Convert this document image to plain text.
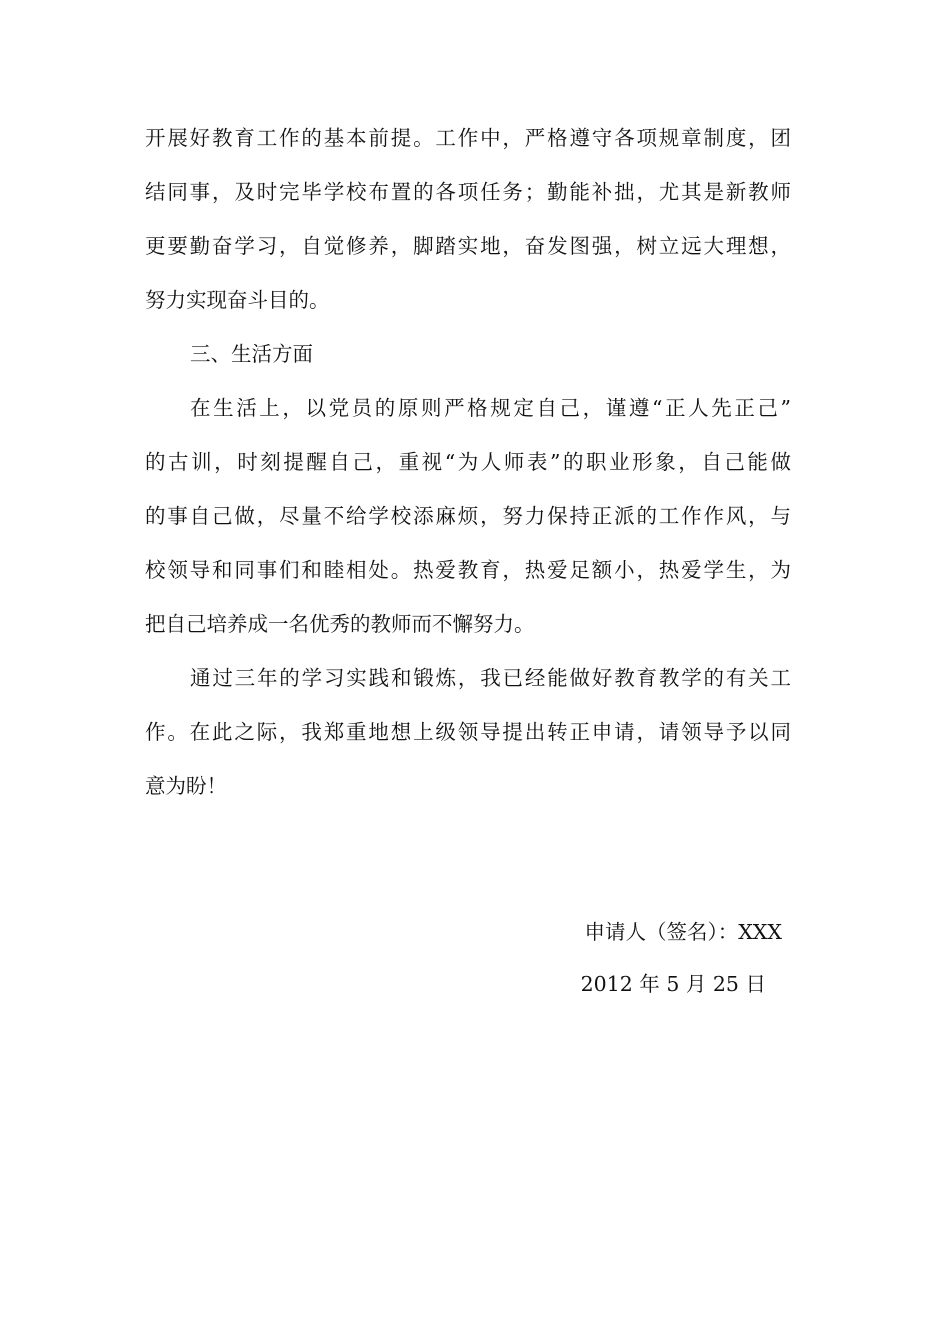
开展好教育工作的基本前提。工作中，严格遵守各项规章制度，团
结同事，及时完毕学校布置的各项任务；勤能补拙，尤其是新教师
更要勤奋学习，自觉修养，脚踏实地，奋发图强，树立远大理想，
努力实现奋斗目的。
三、生活方面
在生活上，以党员的原则严格规定自己，谨遵“正人先正己”
的古训，时刻提醒自己，重视“为人师表”的职业形象，自己能做
的事自己做，尽量不给学校添麻烦，努力保持正派的工作作风，与
校领导和同事们和睦相处。热爱教育，热爱足额小，热爱学生，为
把自己培养成一名优秀的教师而不懈努力。
通过三年的学习实践和锻炼，我已经能做好教育教学的有关工
作。在此之际，我郑重地想上级领导提出转正申请，请领导予以同
意为盼！
申请人（签名）：XXX
2012 年 5 月 25 日
